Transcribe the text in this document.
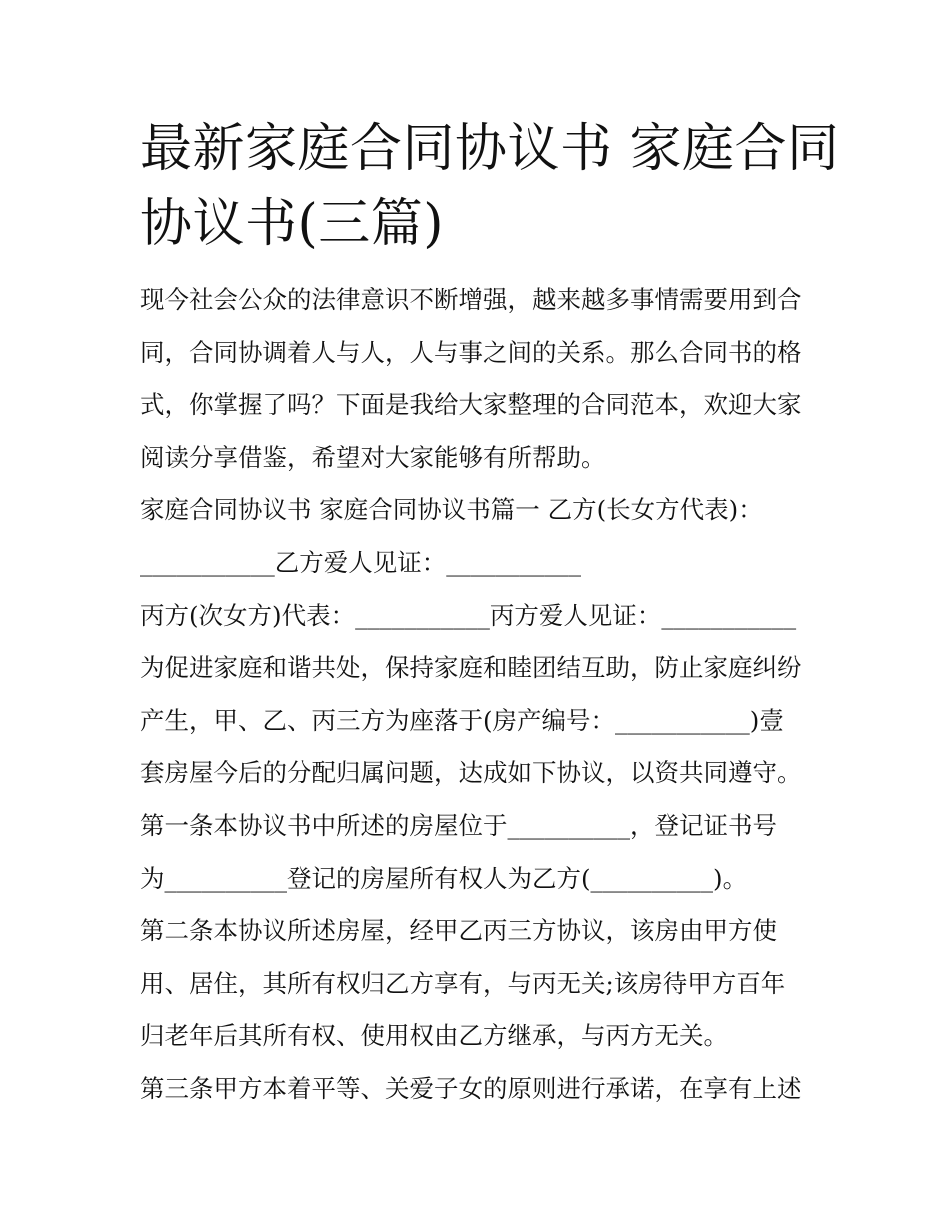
最新家庭合同协议书 家庭合同
协议书(三篇)
现今社会公众的法律意识不断增强，越来越多事情需要用到合
同，合同协调着人与人，人与事之间的关系。那么合同书的格
式，你掌握了吗？下面是我给大家整理的合同范本，欢迎大家
阅读分享借鉴，希望对大家能够有所帮助。
家庭合同协议书 家庭合同协议书篇一 乙方(长女方代表)：
___________乙方爱人见证：___________
丙方(次女方)代表：___________丙方爱人见证：___________
为促进家庭和谐共处，保持家庭和睦团结互助，防止家庭纠纷
产生，甲、乙、丙三方为座落于(房产编号：___________)壹
套房屋今后的分配归属问题，达成如下协议，以资共同遵守。
第一条本协议书中所述的房屋位于__________，登记证书号
为__________登记的房屋所有权人为乙方(__________)。
第二条本协议所述房屋，经甲乙丙三方协议，该房由甲方使
用、居住，其所有权归乙方享有，与丙无关;该房待甲方百年
归老年后其所有权、使用权由乙方继承，与丙方无关。
第三条甲方本着平等、关爱子女的原则进行承诺，在享有上述
